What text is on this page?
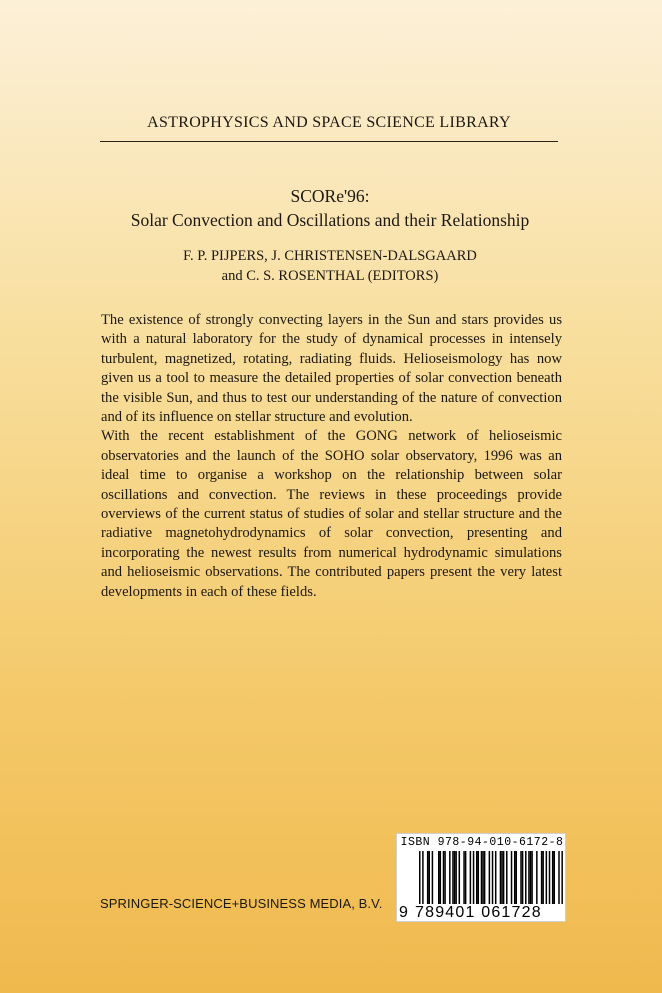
ASTROPHYSICS AND SPACE SCIENCE LIBRARY
SCORe'96:
Solar Convection and Oscillations and their Relationship
F. P. PIJPERS, J. CHRISTENSEN-DALSGAARD
and C. S. ROSENTHAL (EDITORS)

The existence of strongly convecting layers in the Sun and stars provides us with a natural laboratory for the study of dynamical processes in intensely turbulent, magnetized, rotating, radiating fluids. Helioseismology has now given us a tool to measure the detailed properties of solar convection beneath the visible Sun, and thus to test our understanding of the nature of convection and of its influence on stellar structure and evolution.

With the recent establishment of the GONG network of helioseismic observatories and the launch of the SOHO solar observatory, 1996 was an ideal time to organise a workshop on the relationship between solar oscillations and convection. The reviews in these proceedings provide overviews of the current status of studies of solar and stellar structure and the radiative magnetohydrodynamics of solar convection, presenting and incorporating the newest results from numerical hydrodynamic simulations and helioseismic observations. The contributed papers present the very latest developments in each of these fields.

SPRINGER-SCIENCE+BUSINESS MEDIA, B.V.
ISBN 978-94-010-6172-8
9 789401 061728
